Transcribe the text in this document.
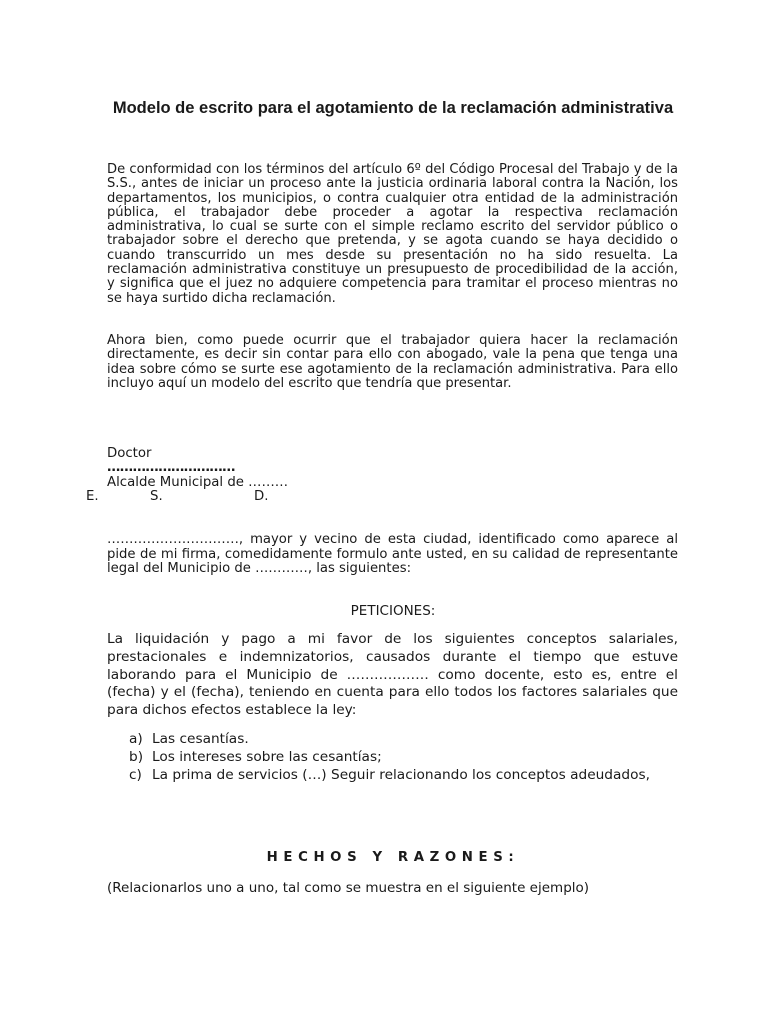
Modelo de escrito para el agotamiento de la reclamación administrativa

De conformidad con los términos del artículo 6º del Código Procesal del Trabajo y de la S.S., antes de iniciar un proceso ante la justicia ordinaria laboral contra la Nación, los departamentos, los municipios, o contra cualquier otra entidad de la administración pública, el trabajador debe proceder a agotar la respectiva reclamación administrativa, lo cual se surte con el simple reclamo escrito del servidor público o trabajador sobre el derecho que pretenda, y se agota cuando se haya decidido o cuando transcurrido un mes desde su presentación no ha sido resuelta. La reclamación administrativa constituye un presupuesto de procedibilidad de la acción, y significa que el juez no adquiere competencia para tramitar el proceso mientras no se haya surtido dicha reclamación.

Ahora bien, como puede ocurrir que el trabajador quiera hacer la reclamación directamente, es decir sin contar para ello con abogado, vale la pena que tenga una idea sobre cómo se surte ese agotamiento de la reclamación administrativa. Para ello incluyo aquí un modelo del escrito que tendría que presentar.

Doctor

…………………………

Alcalde Municipal de ………

E.	S.	D.

…………………………, mayor y vecino de esta ciudad, identificado como aparece al pide de mi firma, comedidamente formulo ante usted, en su calidad de representante legal del Municipio de …………, las siguientes:

PETICIONES:

La liquidación y pago a mi favor de los siguientes conceptos salariales, prestacionales e indemnizatorios, causados durante el tiempo que estuve laborando para el Municipio de ……………… como docente, esto es, entre el (fecha) y el (fecha), teniendo en cuenta para ello todos los factores salariales que para dichos efectos establece la ley:

a) Las cesantías.
b) Los intereses sobre las cesantías;
c) La prima de servicios (…) Seguir relacionando los conceptos adeudados,

HECHOS Y RAZONES:

(Relacionarlos uno a uno, tal como se muestra en el siguiente ejemplo)
